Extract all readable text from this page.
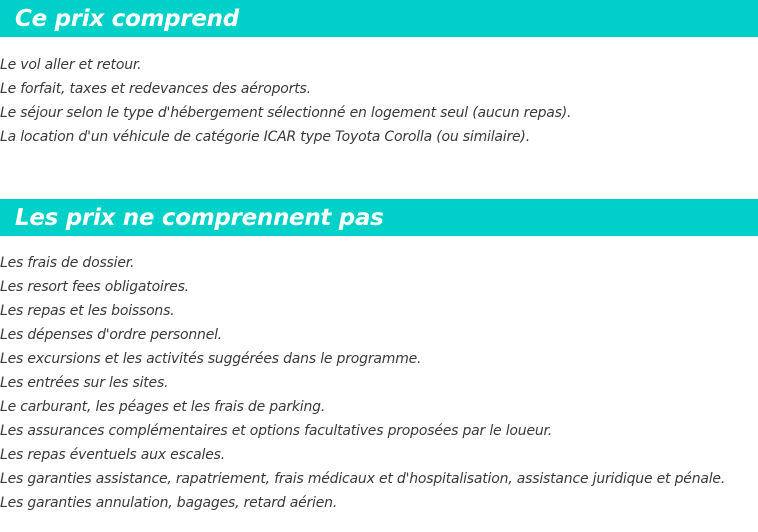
Ce prix comprend
Le vol aller et retour.
Le forfait, taxes et redevances des aéroports.
Le séjour selon le type d'hébergement sélectionné en logement seul (aucun repas).
La location d'un véhicule de catégorie ICAR type Toyota Corolla (ou similaire).
Les prix ne comprennent pas
Les frais de dossier.
Les resort fees obligatoires.
Les repas et les boissons.
Les dépenses d'ordre personnel.
Les excursions et les activités suggérées dans le programme.
Les entrées sur les sites.
Le carburant, les péages et les frais de parking.
Les assurances complémentaires et options facultatives proposées par le loueur.
Les repas éventuels aux escales.
Les garanties assistance, rapatriement, frais médicaux et d'hospitalisation, assistance juridique et pénale.
Les garanties annulation, bagages, retard aérien.
